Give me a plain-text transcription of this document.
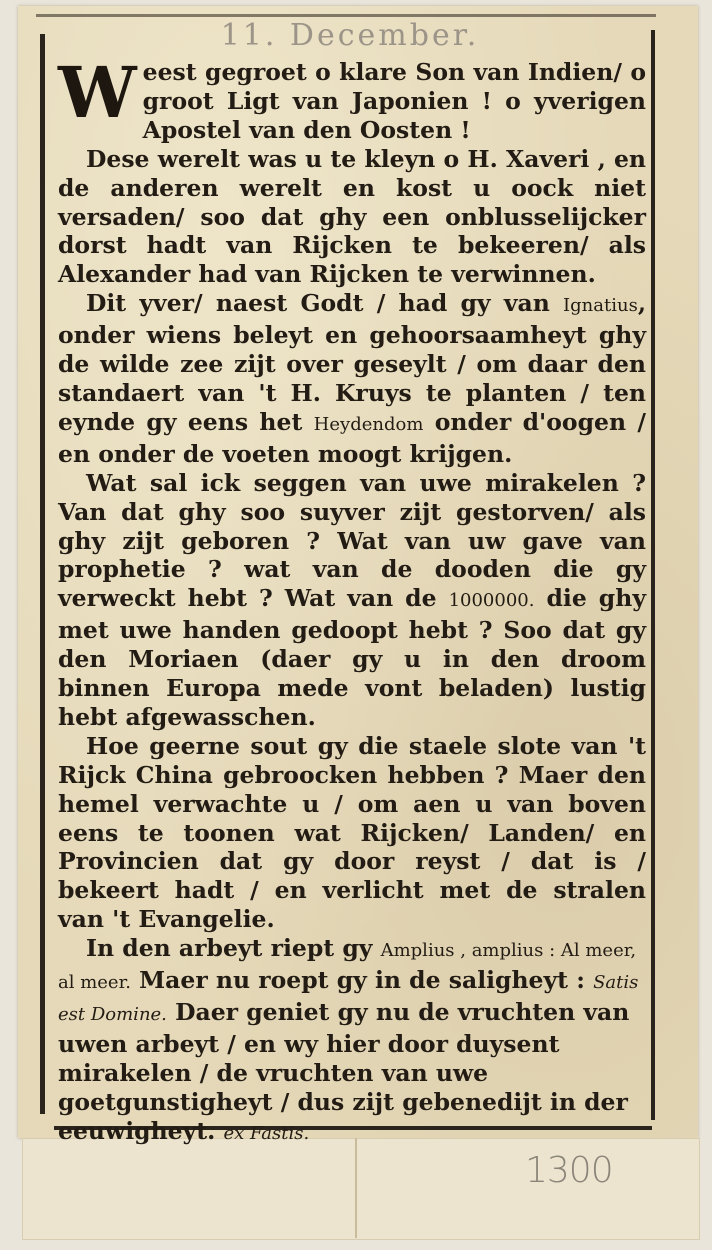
1300
11. December.

Weest gegroet o klare Son van Indien/ o groot Ligt van Japonien ! o yverigen Apostel van den Oosten !

Dese werelt was u te kleyn o H. Xaveri , en de anderen werelt en kost u oock niet versaden/ soo dat ghy een onblusselijcker dorst hadt van Rijcken te bekeeren/ als Alexander had van Rijcken te verwinnen.

Dit yver/ naest Godt / had gy van Ignatius, onder wiens beleyt en gehoorsaamheyt ghy de wilde zee zijt over geseylt / om daar den standaert van 't H. Kruys te planten / ten eynde gy eens het Heydendom onder d'oogen / en onder de voeten moogt krijgen.

Wat sal ick seggen van uwe mirakelen ? Van dat ghy soo suyver zijt gestorven/ als ghy zijt geboren ? Wat van uw gave van prophetie ? wat van de dooden die gy verweckt hebt ? Wat van de 1000000. die ghy met uwe handen gedoopt hebt ? Soo dat gy den Moriaen (daer gy u in den droom binnen Europa mede vont beladen) lustig hebt afgewasschen.

Hoe geerne sout gy die staele slote van 't Rijck China gebroocken hebben ? Maer den hemel verwachte u / om aen u van boven eens te toonen wat Rijcken/ Landen/ en Provincien dat gy door reyst / dat is / bekeert hadt / en verlicht met de stralen van 't Evangelie.

In den arbeyt riept gy Amplius , amplius : Al meer, al meer. Maer nu roept gy in de saligheyt : Satis est Domine. Daer geniet gy nu de vruchten van uwen arbeyt / en wy hier door duysent mirakelen / de vruchten van uwe goetgunstigheyt / dus zijt gebenedijt in der eeuwigheyt. ex Fastis.
